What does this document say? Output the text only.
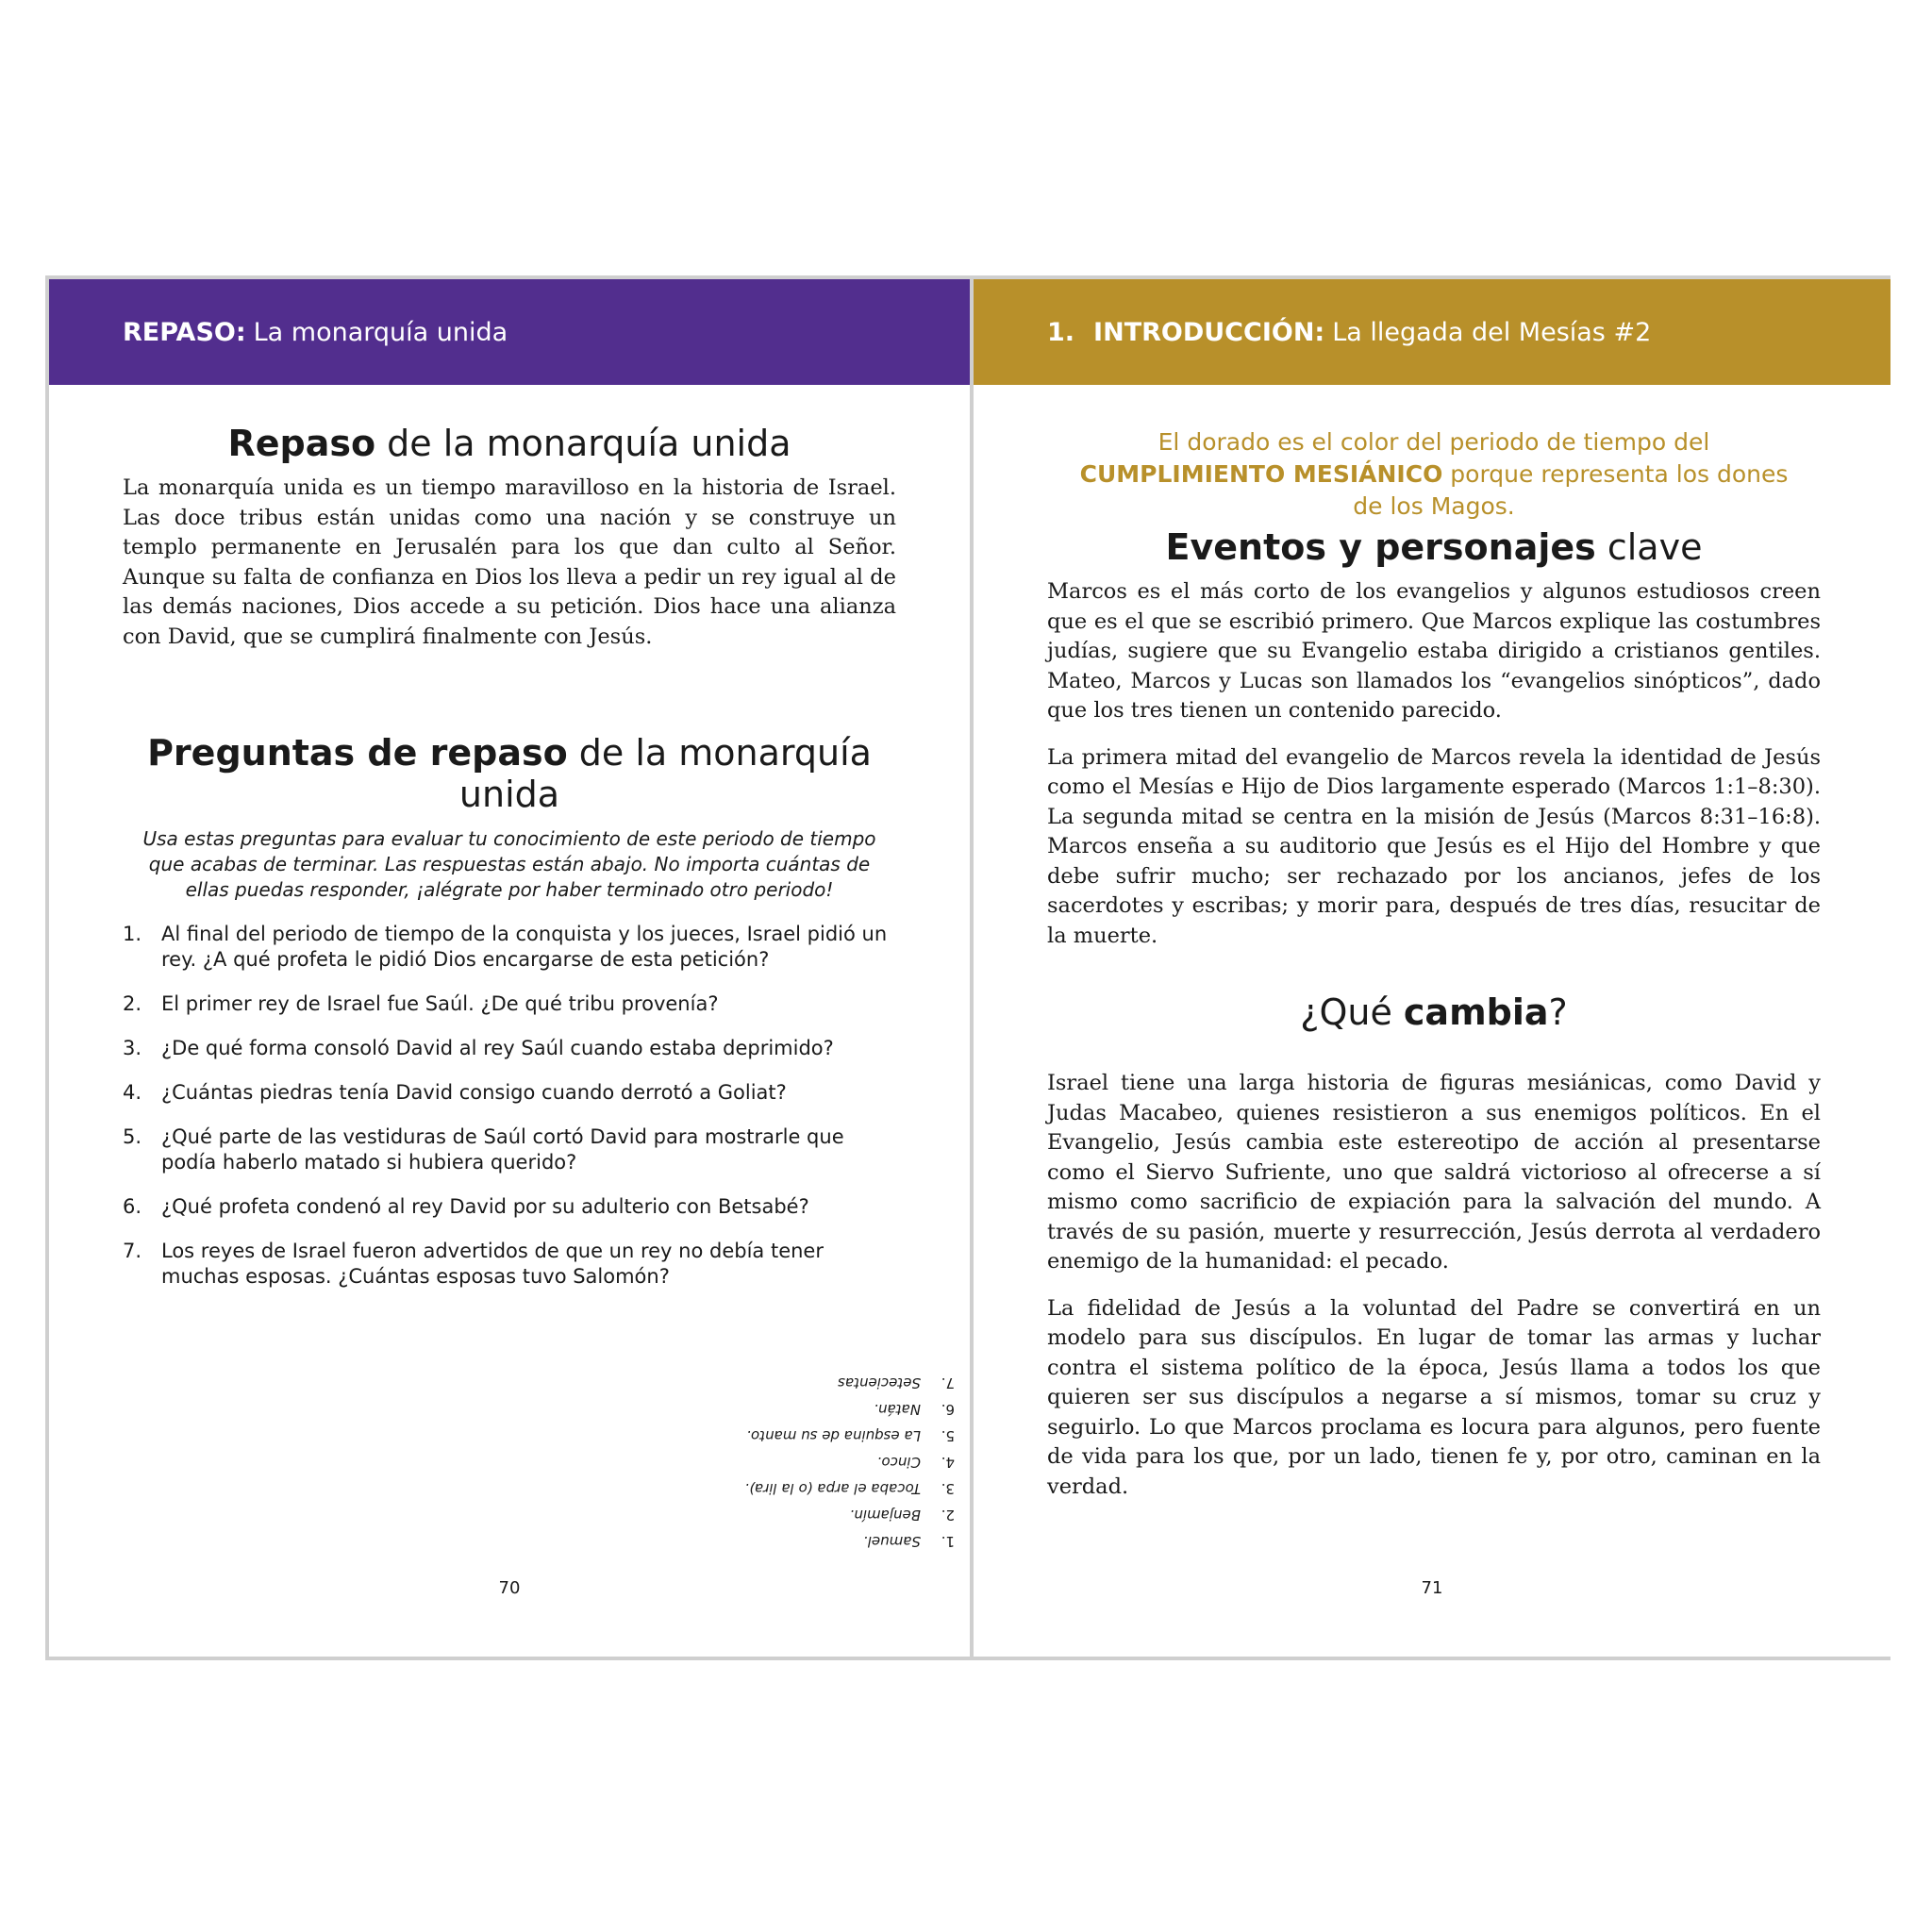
REPASO: La monarquía unida
Repaso de la monarquía unida

La monarquía unida es un tiempo maravilloso en la historia de Israel. Las doce tribus están unidas como una nación y se construye un templo permanente en Jerusalén para los que dan culto al Señor. Aunque su falta de confianza en Dios los lleva a pedir un rey igual al de las demás naciones, Dios accede a su petición. Dios hace una alianza con David, que se cumplirá finalmente con Jesús.

Preguntas de repaso de la monarquía unida

Usa estas preguntas para evaluar tu conocimiento de este periodo de tiempo que acabas de terminar. Las respuestas están abajo. No importa cuántas de ellas puedas responder, ¡alégrate por haber terminado otro periodo!

1. Al final del periodo de tiempo de la conquista y los jueces, Israel pidió un rey. ¿A qué profeta le pidió Dios encargarse de esta petición?
2. El primer rey de Israel fue Saúl. ¿De qué tribu provenía?
3. ¿De qué forma consoló David al rey Saúl cuando estaba deprimido?
4. ¿Cuántas piedras tenía David consigo cuando derrotó a Goliat?
5. ¿Qué parte de las vestiduras de Saúl cortó David para mostrarle que podía haberlo matado si hubiera querido?
6. ¿Qué profeta condenó al rey David por su adulterio con Betsabé?
7. Los reyes de Israel fueron advertidos de que un rey no debía tener muchas esposas. ¿Cuántas esposas tuvo Salomón?
1.
Samuel.
2.
Benjamín.
3.
Tocaba el arpa (o la lira).
4.
Cinco.
5.
La esquina de su manto.
6.
Natán.
7.
Setecientas
70
1. INTRODUCCIÓN: La llegada del Mesías #2

El dorado es el color del periodo de tiempo del CUMPLIMIENTO MESIÁNICO porque representa los dones de los Magos.

Eventos y personajes clave

Marcos es el más corto de los evangelios y algunos estudiosos creen que es el que se escribió primero. Que Marcos explique las costumbres judías, sugiere que su Evangelio estaba dirigido a cristianos gentiles. Mateo, Marcos y Lucas son llamados los “evangelios sinópticos”, dado que los tres tienen un contenido parecido.

La primera mitad del evangelio de Marcos revela la identidad de Jesús como el Mesías e Hijo de Dios largamente esperado (Marcos 1:1–8:30). La segunda mitad se centra en la misión de Jesús (Marcos 8:31–16:8). Marcos enseña a su auditorio que Jesús es el Hijo del Hombre y que debe sufrir mucho; ser rechazado por los ancianos, jefes de los sacerdotes y escribas; y morir para, después de tres días, resucitar de la muerte.

¿Qué cambia?

Israel tiene una larga historia de figuras mesiánicas, como David y Judas Macabeo, quienes resistieron a sus enemigos políticos. En el Evangelio, Jesús cambia este estereotipo de acción al presentarse como el Siervo Sufriente, uno que saldrá victorioso al ofrecerse a sí mismo como sacrificio de expiación para la salvación del mundo. A través de su pasión, muerte y resurrección, Jesús derrota al verdadero enemigo de la humanidad: el pecado.

La fidelidad de Jesús a la voluntad del Padre se convertirá en un modelo para sus discípulos. En lugar de tomar las armas y luchar contra el sistema político de la época, Jesús llama a todos los que quieren ser sus discípulos a negarse a sí mismos, tomar su cruz y seguirlo. Lo que Marcos proclama es locura para algunos, pero fuente de vida para los que, por un lado, tienen fe y, por otro, caminan en la verdad.

71
